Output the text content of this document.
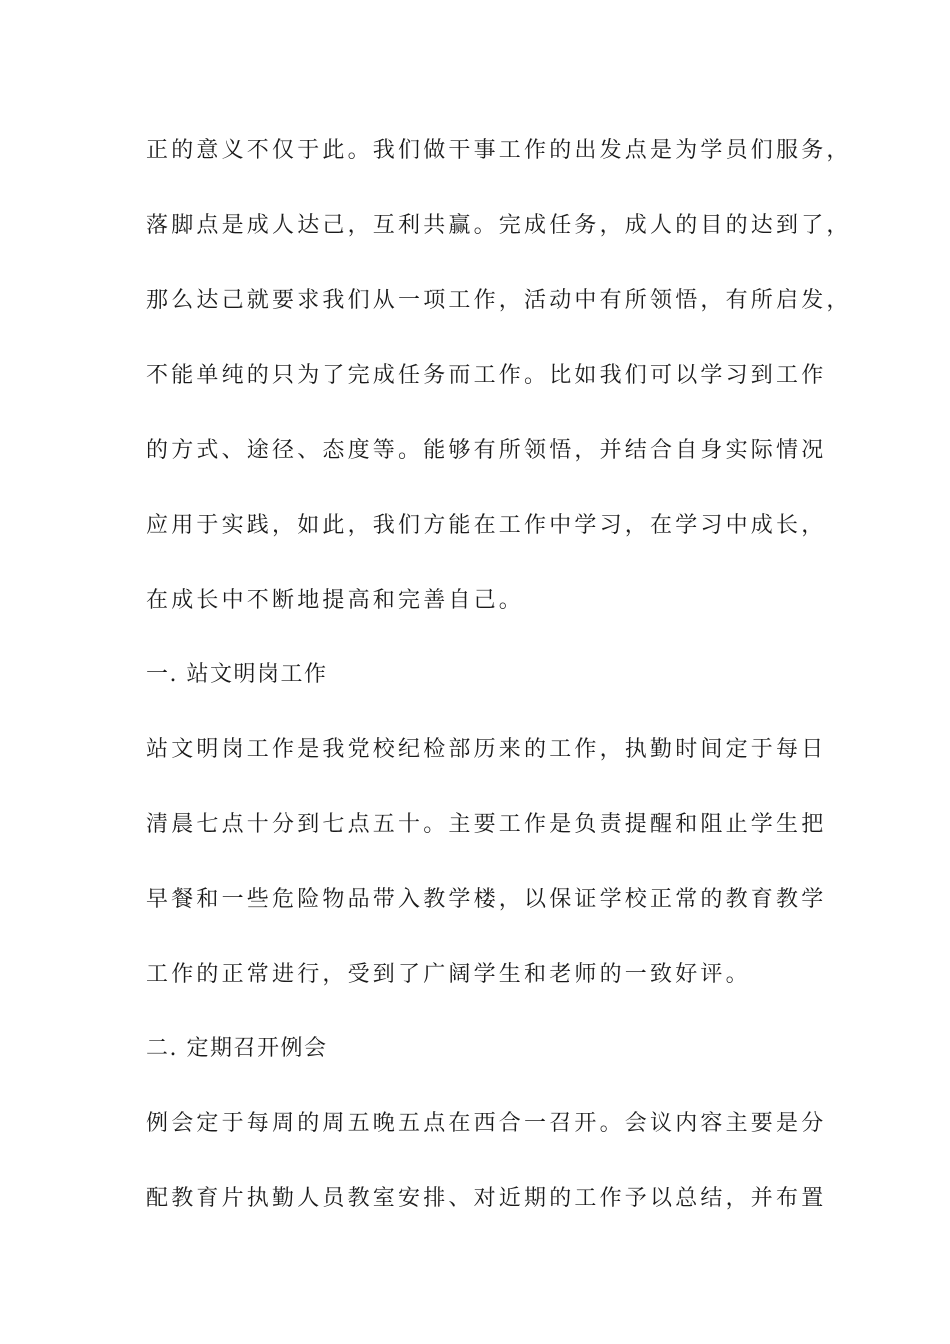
正的意义不仅于此。我们做干事工作的出发点是为学员们服务，
落脚点是成人达己，互利共赢。完成任务，成人的目的达到了，
那么达己就要求我们从一项工作，活动中有所领悟，有所启发，
不能单纯的只为了完成任务而工作。比如我们可以学习到工作
的方式、途径、态度等。能够有所领悟，并结合自身实际情况
应用于实践，如此，我们方能在工作中学习，在学习中成长，
在成长中不断地提高和完善自己。
一. 站文明岗工作
站文明岗工作是我党校纪检部历来的工作，执勤时间定于每日
清晨七点十分到七点五十。主要工作是负责提醒和阻止学生把
早餐和一些危险物品带入教学楼，以保证学校正常的教育教学
工作的正常进行，受到了广阔学生和老师的一致好评。
二. 定期召开例会
例会定于每周的周五晚五点在西合一召开。会议内容主要是分
配教育片执勤人员教室安排、对近期的工作予以总结，并布置
